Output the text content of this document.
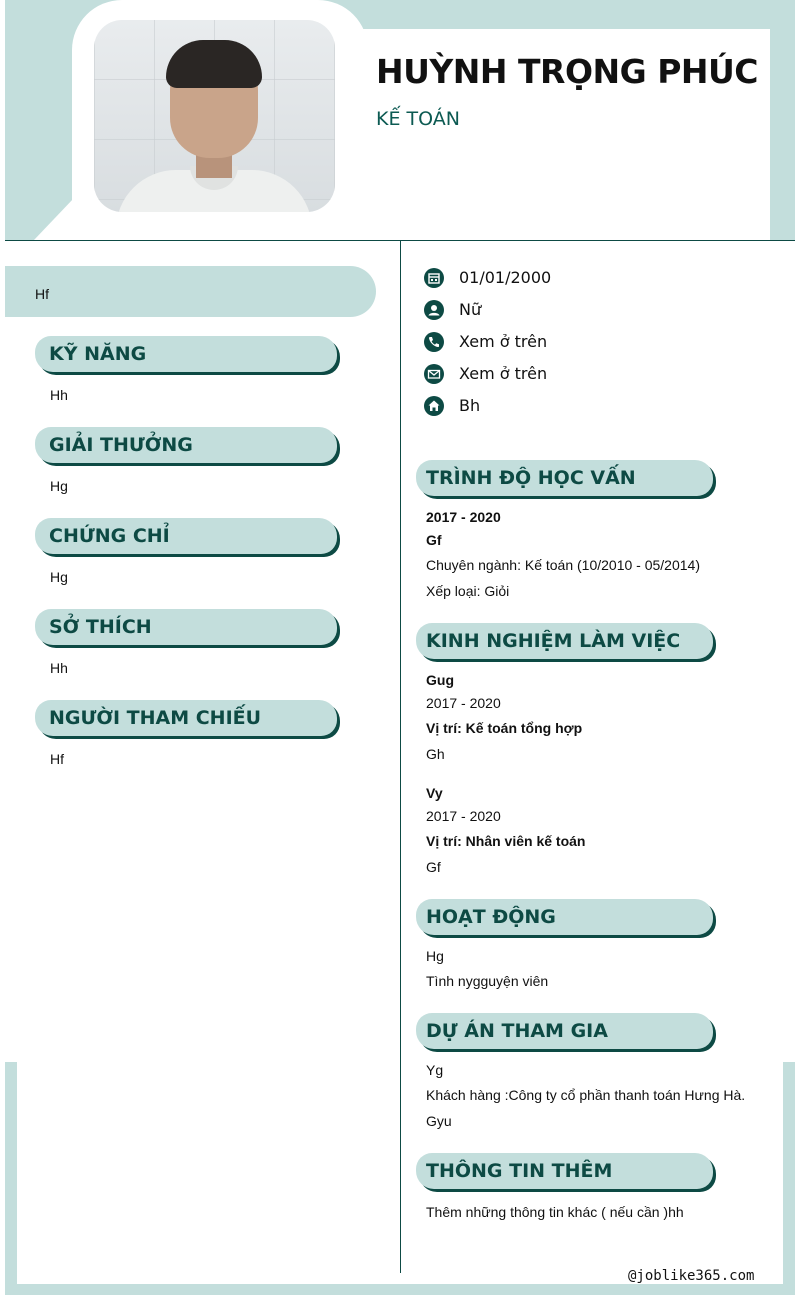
HUỲNH TRỌNG PHÚC
KẾ TOÁN
Hf
KỸ NĂNG
Hh
GIẢI THƯỞNG
Hg
CHỨNG CHỈ
Hg
SỞ THÍCH
Hh
NGƯỜI THAM CHIẾU
Hf
01/01/2000
Nữ
Xem ở trên
Xem ở trên
Bh
TRÌNH ĐỘ HỌC VẤN
2017 - 2020
Gf
Chuyên ngành: Kế toán (10/2010 - 05/2014)
Xếp loại: Giỏi
KINH NGHIỆM LÀM VIỆC
Gug
2017 - 2020
Vị trí: Kế toán tổng hợp
Gh
Vy
2017 - 2020
Vị trí: Nhân viên kế toán
Gf
HOẠT ĐỘNG
Hg
Tình nygguyện viên
DỰ ÁN THAM GIA
Yg
Khách hàng :Công ty cổ phần thanh toán Hưng Hà.
Gyu
THÔNG TIN THÊM
Thêm những thông tin khác ( nếu cần )hh
@joblike365.com
